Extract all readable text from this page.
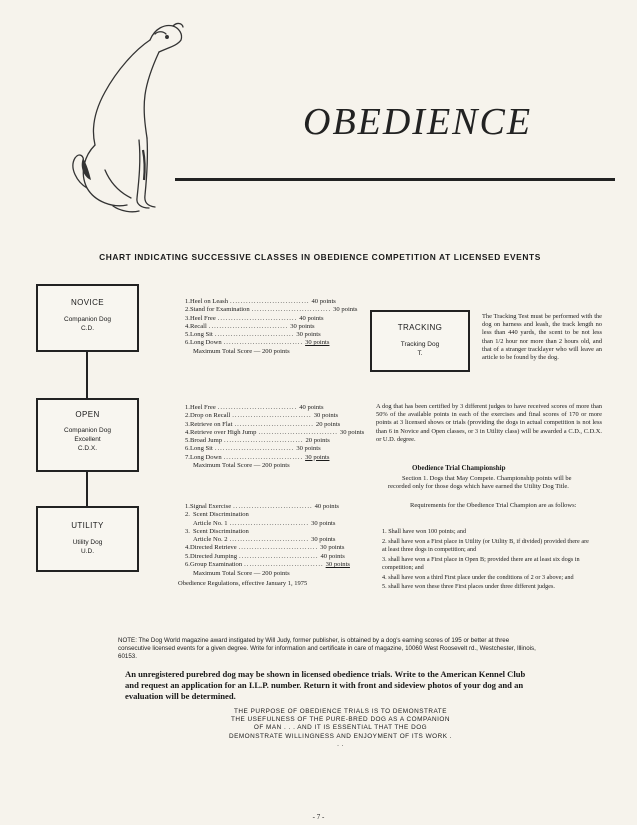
OBEDIENCE
CHART INDICATING SUCCESSIVE CLASSES IN OBEDIENCE COMPETITION AT LICENSED EVENTS
NOVICE
Companion Dog
C.D.
OPEN
Companion Dog
Excellent
C.D.X.
UTILITY
Utility Dog
U.D.
TRACKING
Tracking Dog
T.
1. Heel on Leash .............................. 40 points
2. Stand for Examination .............................. 30 points
3. Heel Free .............................. 40 points
4. Recall .............................. 30 points
5. Long Sit .............................. 30 points
6. Long Down .............................. 30 points
Maximum Total Score — 200 points
1. Heel Free .............................. 40 points
2. Drop on Recall .............................. 30 points
3. Retrieve on Flat .............................. 20 points
4. Retrieve over High Jump .............................. 30 points
5. Broad Jump .............................. 20 points
6. Long Sit .............................. 30 points
7. Long Down .............................. 30 points
Maximum Total Score — 200 points
1. Signal Exercise .............................. 40 points
2. Scent Discrimination
Article No. 1 .............................. 30 points
3. Scent Discrimination
Article No. 2 .............................. 30 points
4. Directed Retrieve .............................. 30 points
5. Directed Jumping .............................. 40 points
6. Group Examination .............................. 30 points
Maximum Total Score — 200 points
Obedience Regulations, effective January 1, 1975
The Tracking Test must be performed with the dog on harness and leash, the track length no less than 440 yards, the scent to be not less than 1/2 hour nor more than 2 hours old, and that of a stranger tracklayer who will leave an article to be found by the dog.
A dog that has been certified by 3 different judges to have received scores of more than 50% of the available points in each of the exercises and final scores of 170 or more points at 3 licensed shows or trials (providing the dogs in actual competition is not less than 6 in Novice and Open classes, or 3 in Utility class) will be awarded a C.D., C.D.X. or U.D. degree.
Obedience Trial Championship
Section 1. Dogs that May Compete. Championship points will be recorded only for those dogs which have earned the Utility Dog Title.
Requirements for the Obedience Trial Champion are as follows:
1. Shall have won 100 points; and
2. shall have won a First place in Utility (or Utility B, if divided) provided there are at least three dogs in competition; and
3. shall have won a First place in Open B; provided there are at least six dogs in competition; and
4. shall have won a third First place under the conditions of 2 or 3 above; and
5. shall have won these three First places under three different judges.
NOTE: The Dog World magazine award instigated by Will Judy, former publisher, is obtained by a dog's earning scores of 195 or better at three consecutive licensed events for a given degree. Write for information and certificate in care of magazine, 10060 West Roosevelt rd., Westchester, Illinois, 60153.
An unregistered purebred dog may be shown in licensed obedience trials. Write to the American Kennel Club and request an application for an I.L.P. number. Return it with front and sideview photos of your dog and an evaluation will be determined.
THE PURPOSE OF OBEDIENCE TRIALS IS TO DEMONSTRATE THE USEFULNESS OF THE PURE-BRED DOG AS A COMPANION OF MAN . . . AND IT IS ESSENTIAL THAT THE DOG DEMONSTRATE WILLINGNESS AND ENJOYMENT OF ITS WORK . . .
- 7 -
